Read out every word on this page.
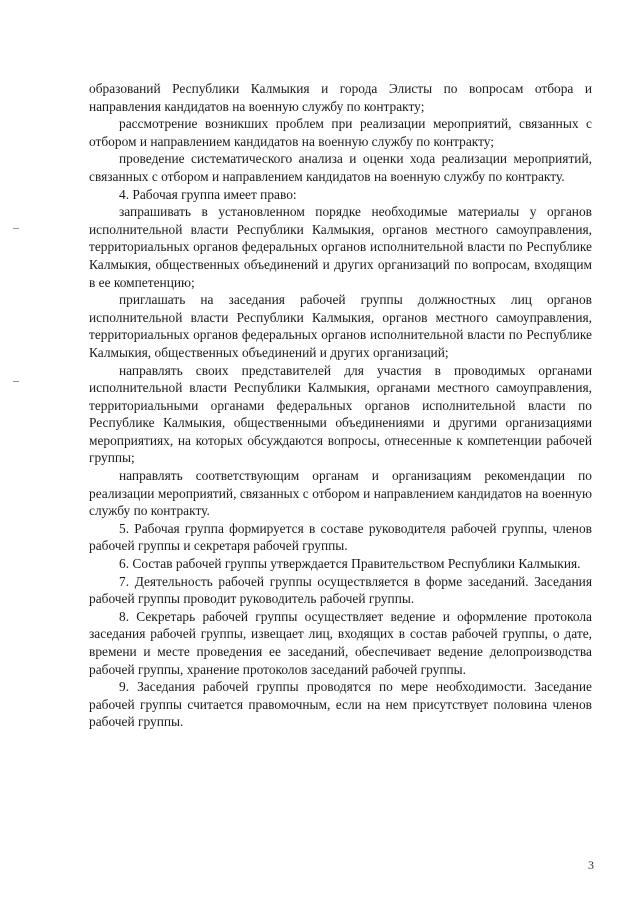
образований Республики Калмыкия и города Элисты по вопросам отбора и направления кандидатов на военную службу по контракту;

рассмотрение возникших проблем при реализации мероприятий, связанных с отбором и направлением кандидатов на военную службу по контракту;

проведение систематического анализа и оценки хода реализации мероприятий, связанных с отбором и направлением кандидатов на военную службу по контракту.

4. Рабочая группа имеет право:

запрашивать в установленном порядке необходимые материалы у органов исполнительной власти Республики Калмыкия, органов местного самоуправления, территориальных органов федеральных органов исполнительной власти по Республике Калмыкия, общественных объединений и других организаций по вопросам, входящим в ее компетенцию;

приглашать на заседания рабочей группы должностных лиц органов исполнительной власти Республики Калмыкия, органов местного самоуправления, территориальных органов федеральных органов исполнительной власти по Республике Калмыкия, общественных объединений и других организаций;

направлять своих представителей для участия в проводимых органами исполнительной власти Республики Калмыкия, органами местного самоуправления, территориальными органами федеральных органов исполнительной власти по Республике Калмыкия, общественными объединениями и другими организациями мероприятиях, на которых обсуждаются вопросы, отнесенные к компетенции рабочей группы;

направлять соответствующим органам и организациям рекомендации по реализации мероприятий, связанных с отбором и направлением кандидатов на военную службу по контракту.

5. Рабочая группа формируется в составе руководителя рабочей группы, членов рабочей группы и секретаря рабочей группы.

6. Состав рабочей группы утверждается Правительством Республики Калмыкия.

7. Деятельность рабочей группы осуществляется в форме заседаний. Заседания рабочей группы проводит руководитель рабочей группы.

8. Секретарь рабочей группы осуществляет ведение и оформление протокола заседания рабочей группы, извещает лиц, входящих в состав рабочей группы, о дате, времени и месте проведения ее заседаний, обеспечивает ведение делопроизводства рабочей группы, хранение протоколов заседаний рабочей группы.

9. Заседания рабочей группы проводятся по мере необходимости. Заседание рабочей группы считается правомочным, если на нем присутствует половина членов рабочей группы.

3
